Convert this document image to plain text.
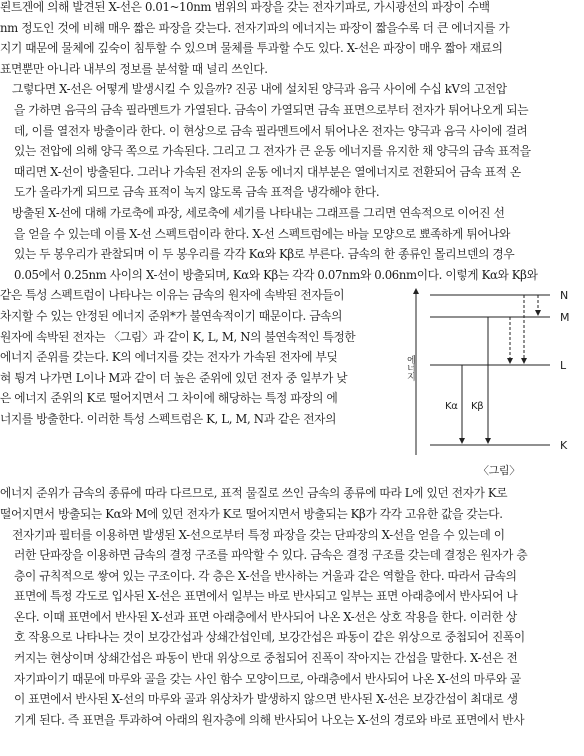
뢴트겐에 의해 발견된 X-선은 0.01~10nm 범위의 파장을 갖는 전자기파로, 가시광선의 파장이 수백
nm 정도인 것에 비해 매우 짧은 파장을 갖는다. 전자기파의 에너지는 파장이 짧을수록 더 큰 에너지를 가
지기 때문에 물체에 깊숙이 침투할 수 있으며 물체를 투과할 수도 있다. X-선은 파장이 매우 짧아 재료의
표면뿐만 아니라 내부의 정보를 분석할 때 널리 쓰인다.

그렇다면 X-선은 어떻게 발생시킬 수 있을까? 진공 내에 설치된 양극과 음극 사이에 수십 kV의 고전압
을 가하면 음극의 금속 필라멘트가 가열된다. 금속이 가열되면 금속 표면으로부터 전자가 튀어나오게 되는
데, 이를 열전자 방출이라 한다. 이 현상으로 금속 필라멘트에서 튀어나온 전자는 양극과 음극 사이에 걸려
있는 전압에 의해 양극 쪽으로 가속된다. 그리고 그 전자가 큰 운동 에너지를 유지한 채 양극의 금속 표적을
때리면 X-선이 방출된다. 그러나 가속된 전자의 운동 에너지 대부분은 열에너지로 전환되어 금속 표적 온
도가 올라가게 되므로 금속 표적이 녹지 않도록 금속 표적을 냉각해야 한다.

방출된 X-선에 대해 가로축에 파장, 세로축에 세기를 나타내는 그래프를 그리면 연속적으로 이어진 선
을 얻을 수 있는데 이를 X-선 스펙트럼이라 한다. X-선 스펙트럼에는 바늘 모양으로 뾰족하게 튀어나와
있는 두 봉우리가 관찰되며 이 두 봉우리를 각각 Kα와 Kβ로 부른다. 금속의 한 종류인 몰리브덴의 경우
0.05에서 0.25nm 사이의 X-선이 방출되며, Kα와 Kβ는 각각 0.07nm와 0.06nm이다. 이렇게 Kα와 Kβ와

같은 특성 스펙트럼이 나타나는 이유는 금속의 원자에 속박된 전자들이
차지할 수 있는 안정된 에너지 준위*가 불연속적이기 때문이다. 금속의
원자에 속박된 전자는 〈그림〉과 같이 K, L, M, N의 불연속적인 특정한
에너지 준위를 갖는다. K의 에너지를 갖는 전자가 가속된 전자에 부딪
혀 튕겨 나가면 L이나 M과 같이 더 높은 준위에 있던 전자 중 일부가 낮
은 에너지 준위의 K로 떨어지면서 그 차이에 해당하는 특정 파장의 에
너지를 방출한다. 이러한 특성 스펙트럼은 K, L, M, N과 같은 전자의
에너지
N
M
L
K
Kα Kβ
〈그림〉

에너지 준위가 금속의 종류에 따라 다르므로, 표적 물질로 쓰인 금속의 종류에 따라 L에 있던 전자가 K로
떨어지면서 방출되는 Kα와 M에 있던 전자가 K로 떨어지면서 방출되는 Kβ가 각각 고유한 값을 갖는다.

전자기파 필터를 이용하면 발생된 X-선으로부터 특정 파장을 갖는 단파장의 X-선을 얻을 수 있는데 이
러한 단파장을 이용하면 금속의 결정 구조를 파악할 수 있다. 금속은 결정 구조를 갖는데 결정은 원자가 층
층이 규칙적으로 쌓여 있는 구조이다. 각 층은 X-선을 반사하는 거울과 같은 역할을 한다. 따라서 금속의
표면에 특정 각도로 입사된 X-선은 표면에서 일부는 바로 반사되고 일부는 표면 아래층에서 반사되어 나
온다. 이때 표면에서 반사된 X-선과 표면 아래층에서 반사되어 나온 X-선은 상호 작용을 한다. 이러한 상
호 작용으로 나타나는 것이 보강간섭과 상쇄간섭인데, 보강간섭은 파동이 같은 위상으로 중첩되어 진폭이
커지는 현상이며 상쇄간섭은 파동이 반대 위상으로 중첩되어 진폭이 작아지는 간섭을 말한다. X-선은 전
자기파이기 때문에 마루와 골을 갖는 사인 함수 모양이므로, 아래층에서 반사되어 나온 X-선의 마루와 골
이 표면에서 반사된 X-선의 마루와 골과 위상차가 발생하지 않으면 반사된 X-선은 보강간섭이 최대로 생
기게 된다. 즉 표면을 투과하여 아래의 원자층에 의해 반사되어 나오는 X-선의 경로와 바로 표면에서 반사
